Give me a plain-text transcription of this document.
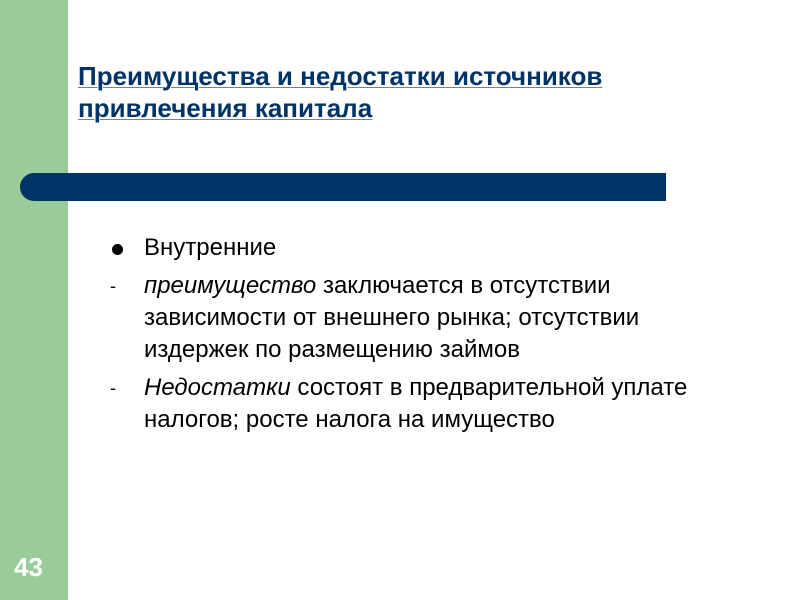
Преимущества и недостатки источников
привлечения капитала
Внутренние
- преимущество заключается в отсутствии зависимости от внешнего рынка; отсутствии издержек по размещению займов
- Недостатки состоят в предварительной уплате налогов; росте налога на имущество
43
